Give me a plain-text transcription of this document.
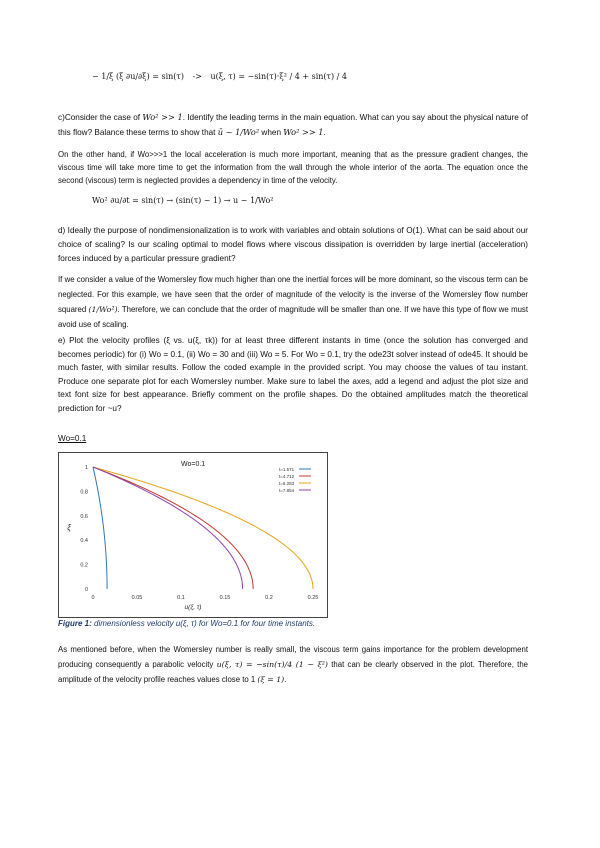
− 1/ξ (ξ ∂u/∂ξ) = sin(τ) -> u(ξ, τ) = −sin(τ)·ξ² / 4 + sin(τ) / 4
c)Consider the case of Wo² >> 1. Identify the leading terms in the main equation. What can you say about the physical nature of this flow? Balance these terms to show that ū ~ 1/Wo² when Wo² >> 1.
On the other hand, if Wo>>>1 the local acceleration is much more important, meaning that as the pressure gradient changes, the viscous time will take more time to get the information from the wall through the whole interior of the aorta. The equation once the second (viscous) term is neglected provides a dependency in time of the velocity.
Wo² ∂u/∂t = sin(τ) → (sin(τ) ~ 1) → u ~ 1/Wo²
d) Ideally the purpose of nondimensionalization is to work with variables and obtain solutions of O(1). What can be said about our choice of scaling? Is our scaling optimal to model flows where viscous dissipation is overridden by large inertial (acceleration) forces induced by a particular pressure gradient?
If we consider a value of the Womersley flow much higher than one the inertial forces will be more dominant, so the viscous term can be neglected. For this example, we have seen that the order of magnitude of the velocity is the inverse of the Womersley flow number squared (1/Wo²). Therefore, we can conclude that the order of magnitude will be smaller than one. If we have this type of flow we must avoid use of scaling.
e) Plot the velocity profiles (ξ vs. u(ξ, τk)) for at least three different instants in time (once the solution has converged and becomes periodic) for (i) Wo = 0.1, (ii) Wo = 30 and (iii) Wo = 5. For Wo = 0.1, try the ode23t solver instead of ode45. It should be much faster, with similar results. Follow the coded example in the provided script. You may choose the values of tau instant. Produce one separate plot for each Womersley number. Make sure to label the axes, add a legend and adjust the plot size and text font size for best appearance. Briefly comment on the profile shapes. Do the obtained amplitudes match the theoretical prediction for ~u?
Wo=0.1
0	0.05	0.1	0.15	0.2	0.25
0
0.2
0.4
0.6
0.8
1
u(ξ, τ)
ξ
Wo=0.1
t=1.571
t=4.712
t=6.283
t=7.854
Figure 1: dimensionless velocity u(ξ, τ) for Wo=0.1 for four time instants.
As mentioned before, when the Womersley number is really small, the viscous term gains importance for the problem development producing consequently a parabolic velocity u(ξ, τ) = −sin(τ)/4 (1 − ξ²) that can be clearly observed in the plot. Therefore, the amplitude of the velocity profile reaches values close to 1 (ξ = 1).
